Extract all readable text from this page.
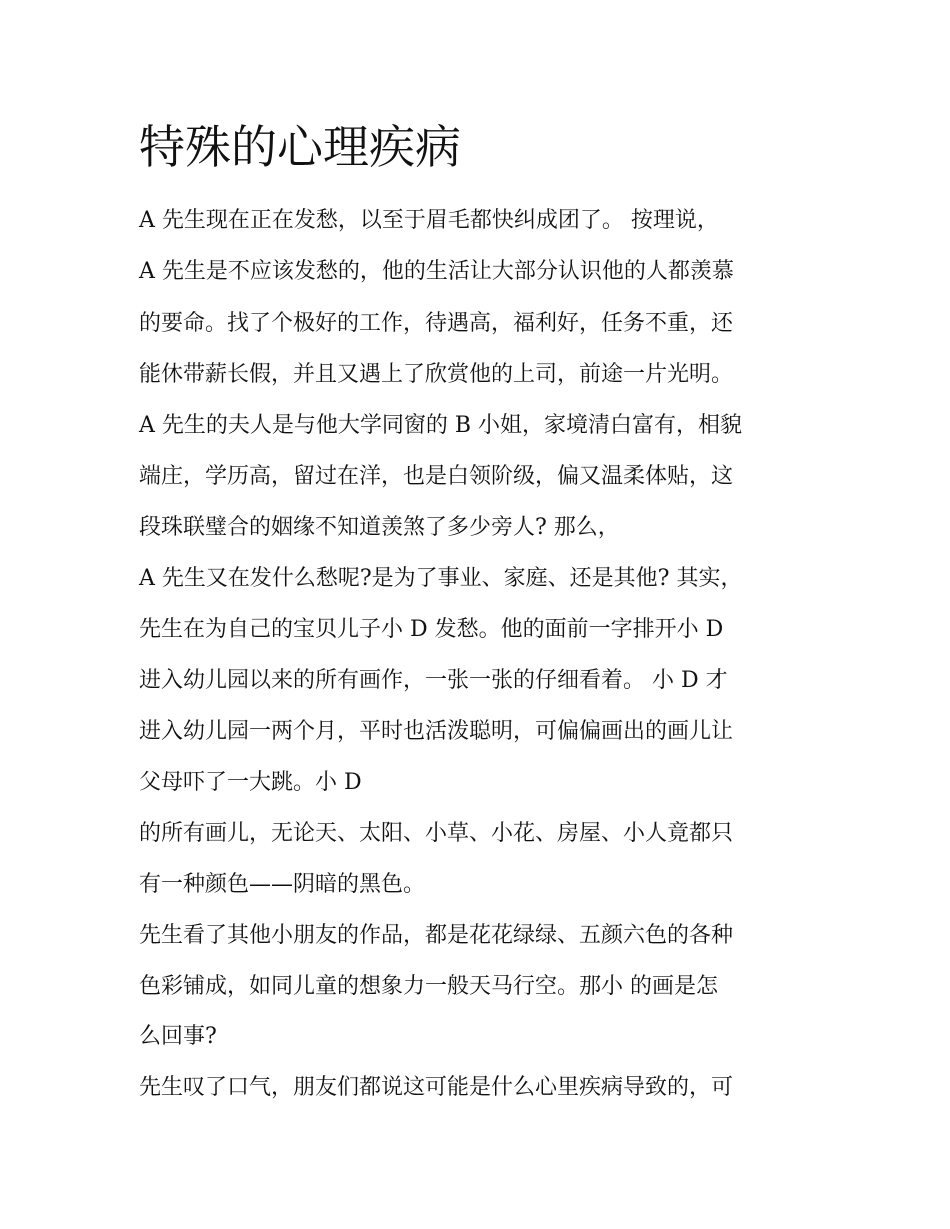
特殊的心理疾病

A 先生现在正在发愁，以至于眉毛都快纠成团了。 按理说，

A 先生是不应该发愁的，他的生活让大部分认识他的人都羡慕

的要命。找了个极好的工作，待遇高，福利好，任务不重，还

能休带薪长假，并且又遇上了欣赏他的上司，前途一片光明。

A 先生的夫人是与他大学同窗的 B 小姐，家境清白富有，相貌

端庄，学历高，留过在洋，也是白领阶级，偏又温柔体贴，这

段珠联璧合的姻缘不知道羡煞了多少旁人? 那么，

A 先生又在发什么愁呢?是为了事业、家庭、还是其他? 其实，

先生在为自己的宝贝儿子小 D 发愁。他的面前一字排开小 D

进入幼儿园以来的所有画作，一张一张的仔细看着。 小 D 才

进入幼儿园一两个月，平时也活泼聪明，可偏偏画出的画儿让

父母吓了一大跳。小 D

的所有画儿，无论天、太阳、小草、小花、房屋、小人竟都只

有一种颜色——阴暗的黑色。

先生看了其他小朋友的作品，都是花花绿绿、五颜六色的各种

色彩铺成，如同儿童的想象力一般天马行空。那小 的画是怎

么回事?

先生叹了口气，朋友们都说这可能是什么心里疾病导致的，可
